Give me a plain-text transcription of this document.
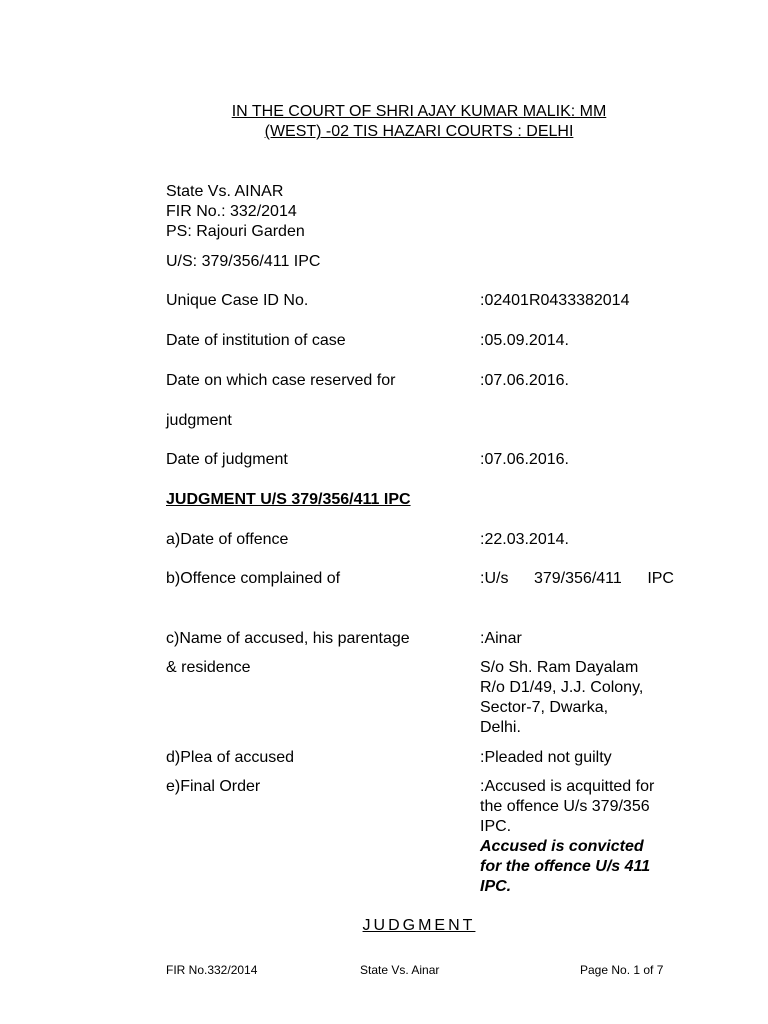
IN THE COURT OF SHRI AJAY KUMAR MALIK: MM
(WEST) -02 TIS HAZARI COURTS : DELHI
State Vs. AINAR
FIR No.: 332/2014
PS: Rajouri Garden
U/S: 379/356/411 IPC
Unique Case ID No.	:02401R0433382014
Date of institution of case	:05.09.2014.
Date on which case reserved for	:07.06.2016.
judgment
Date of judgment	:07.06.2016.
JUDGMENT U/S 379/356/411 IPC
a)Date of offence	:22.03.2014.
b)Offence complained of	:U/s 379/356/411 IPC
c)Name of accused, his parentage	:Ainar
& residence	S/o Sh. Ram Dayalam
R/o D1/49, J.J. Colony,
Sector-7, Dwarka,
Delhi.
d)Plea of accused	:Pleaded not guilty
e)Final Order	:Accused is acquitted for
the offence U/s 379/356
IPC.
Accused is convicted
for the offence U/s 411
IPC.
JUDGMENT
FIR No.332/2014	State Vs. Ainar	Page No. 1 of 7
